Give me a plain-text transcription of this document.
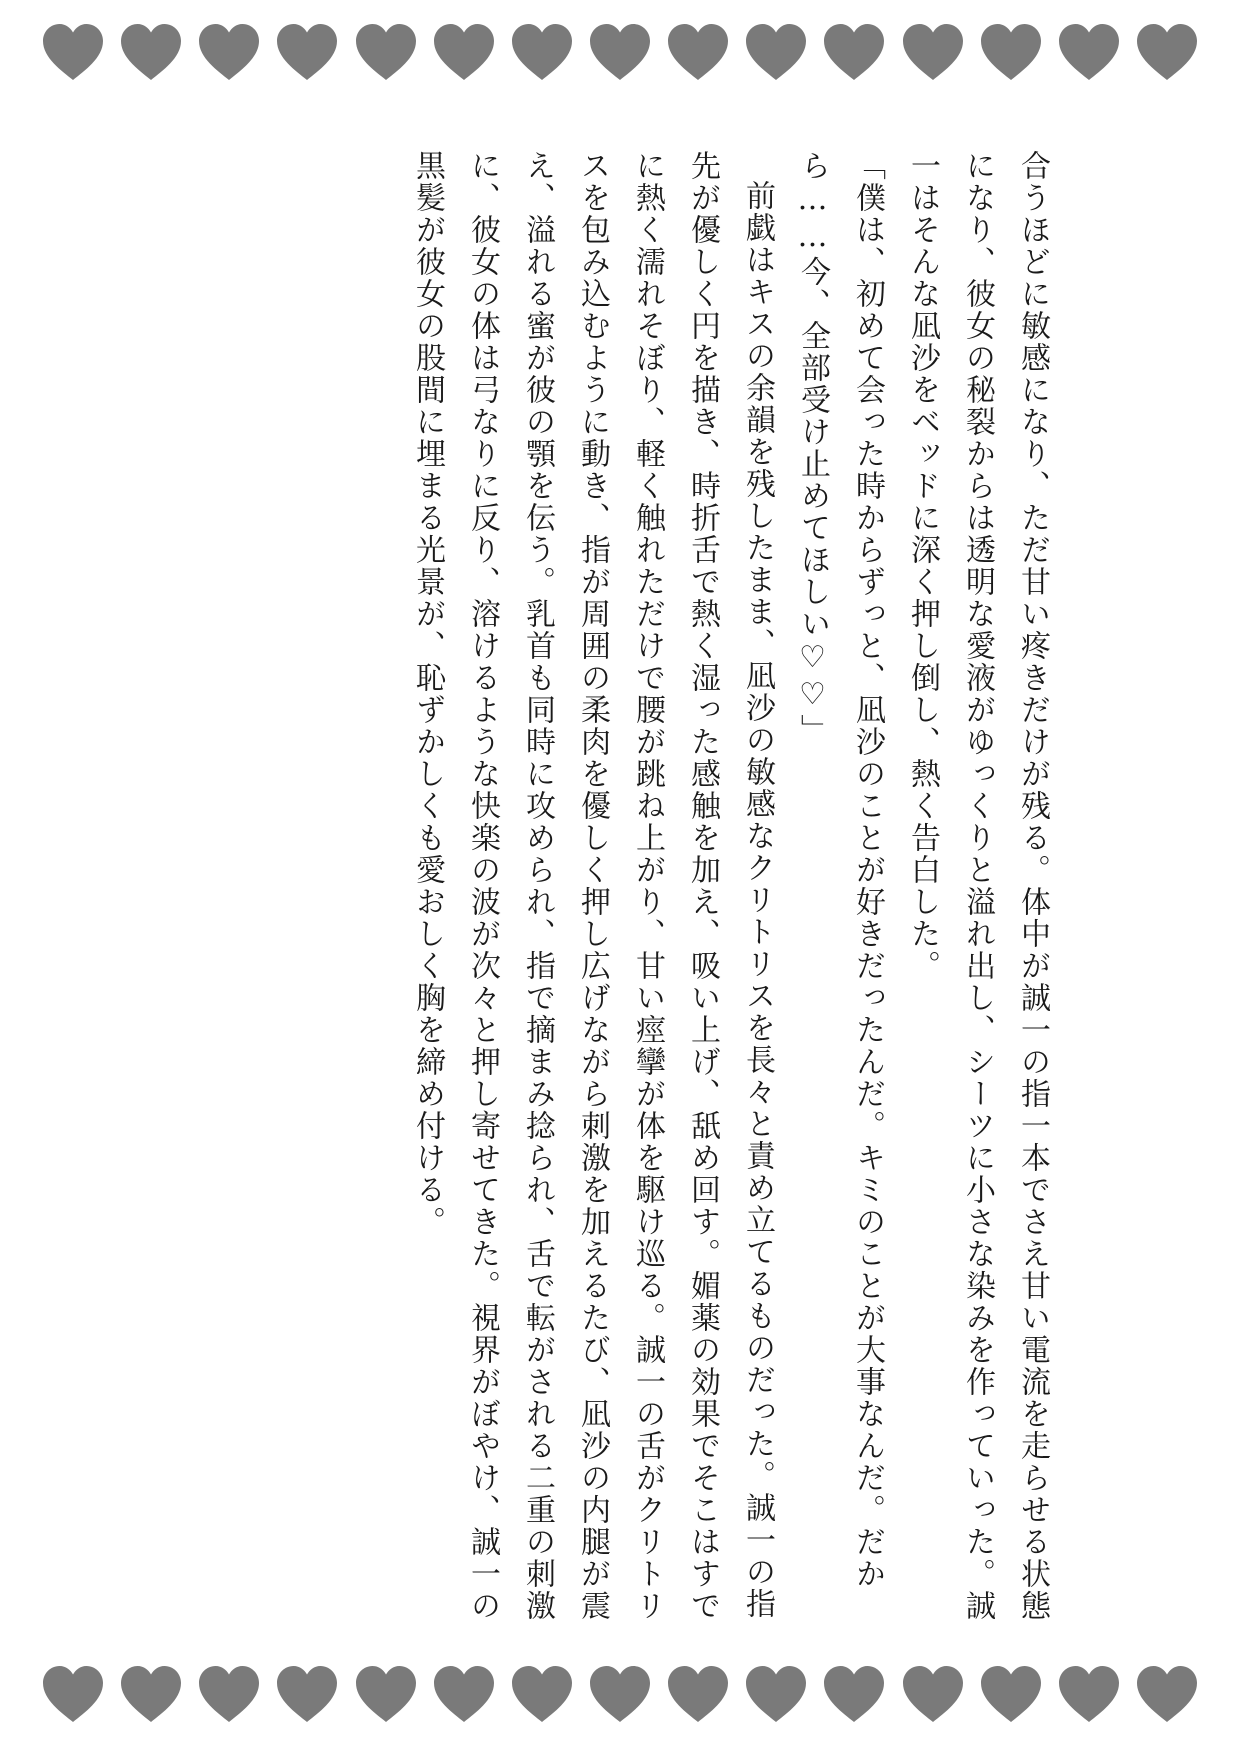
合うほどに敏感になり、ただ甘い疼きだけが残る。体中が誠一の指一本でさえ甘い電流を走らせる状態になり、彼女の秘裂からは透明な愛液がゆっくりと溢れ出し、シーツに小さな染みを作っていった。誠一はそんな凪沙をベッドに深く押し倒し、熱く告白した。

「僕は、初めて会った時からずっと、凪沙のことが好きだったんだ。キミのことが大事なんだ。だから……今、全部受け止めてほしい♡♡」

前戯はキスの余韻を残したまま、凪沙の敏感なクリトリスを長々と責め立てるものだった。誠一の指先が優しく円を描き、時折舌で熱く湿った感触を加え、吸い上げ、舐め回す。媚薬の効果でそこはすでに熱く濡れそぼり、軽く触れただけで腰が跳ね上がり、甘い痙攣が体を駆け巡る。誠一の舌がクリトリスを包み込むように動き、指が周囲の柔肉を優しく押し広げながら刺激を加えるたび、凪沙の内腿が震え、溢れる蜜が彼の顎を伝う。乳首も同時に攻められ、指で摘まみ捻られ、舌で転がされる二重の刺激に、彼女の体は弓なりに反り、溶けるような快楽の波が次々と押し寄せてきた。視界がぼやけ、誠一の黒髪が彼女の股間に埋まる光景が、恥ずかしくも愛おしく胸を締め付ける。
